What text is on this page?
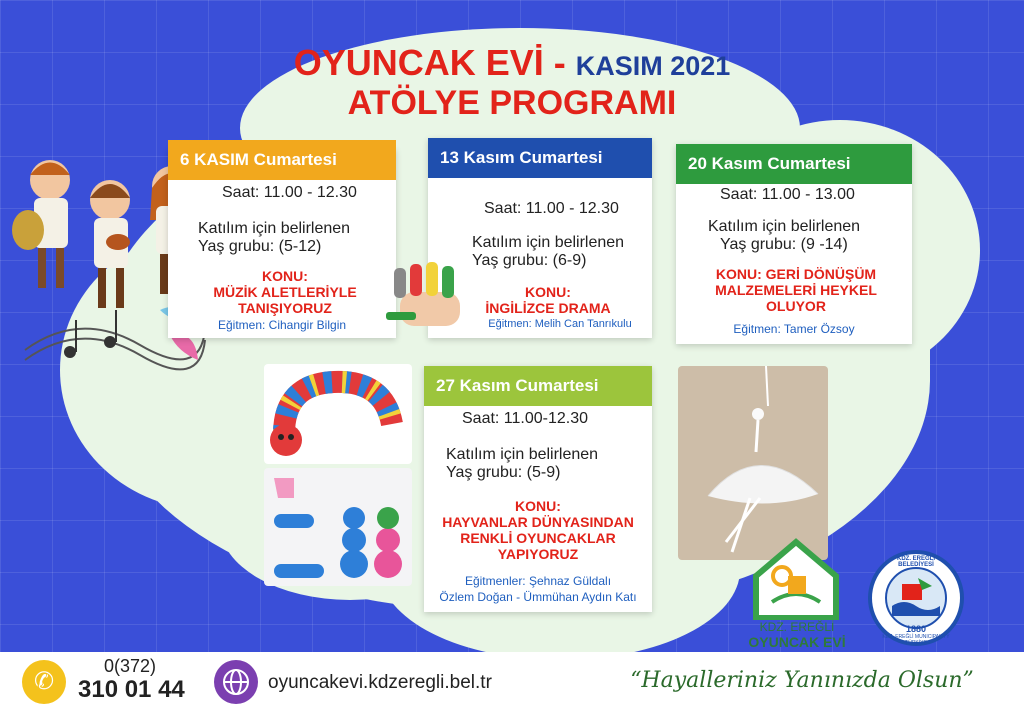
OYUNCAK EVİ - KASIM 2021
ATÖLYE PROGRAMI
6 KASIM Cumartesi
Saat: 11.00 - 12.30
Katılım için belirlenen
Yaş grubu: (5-12)
KONU:
MÜZİK ALETLERİYLE
TANIŞIYORUZ
Eğitmen: Cihangir Bilgin
13 Kasım Cumartesi
Saat: 11.00 - 12.30
Katılım için belirlenen
Yaş grubu: (6-9)
KONU:
İNGİLİZCE DRAMA
Eğitmen: Melih Can Tanrıkulu
20 Kasım Cumartesi
Saat: 11.00 - 13.00
Katılım için belirlenen
Yaş grubu: (9 -14)
KONU: GERİ DÖNÜŞÜM
MALZEMELERİ HEYKEL
OLUYOR
Eğitmen: Tamer Özsoy
27 Kasım Cumartesi
Saat: 11.00-12.30
Katılım için belirlenen
Yaş grubu: (5-9)
KONU:
HAYVANLAR DÜNYASINDAN
RENKLİ OYUNCAKLAR
YAPIYORUZ
Eğitmenler: Şehnaz Güldalı
Özlem Doğan - Ümmühan Aydın Katı
KDZ. EREĞLİ
OYUNCAK EVİ
KDZ. EREĞLİ BELEDİYESİ
1880
KDZ. EREĞLİ MUNICIPALITY TÜRKİYE
✆
0(372)
310 01 44	oyuncakevi.kdzeregli.bel.tr	“Hayalleriniz Yanınızda Olsun”
